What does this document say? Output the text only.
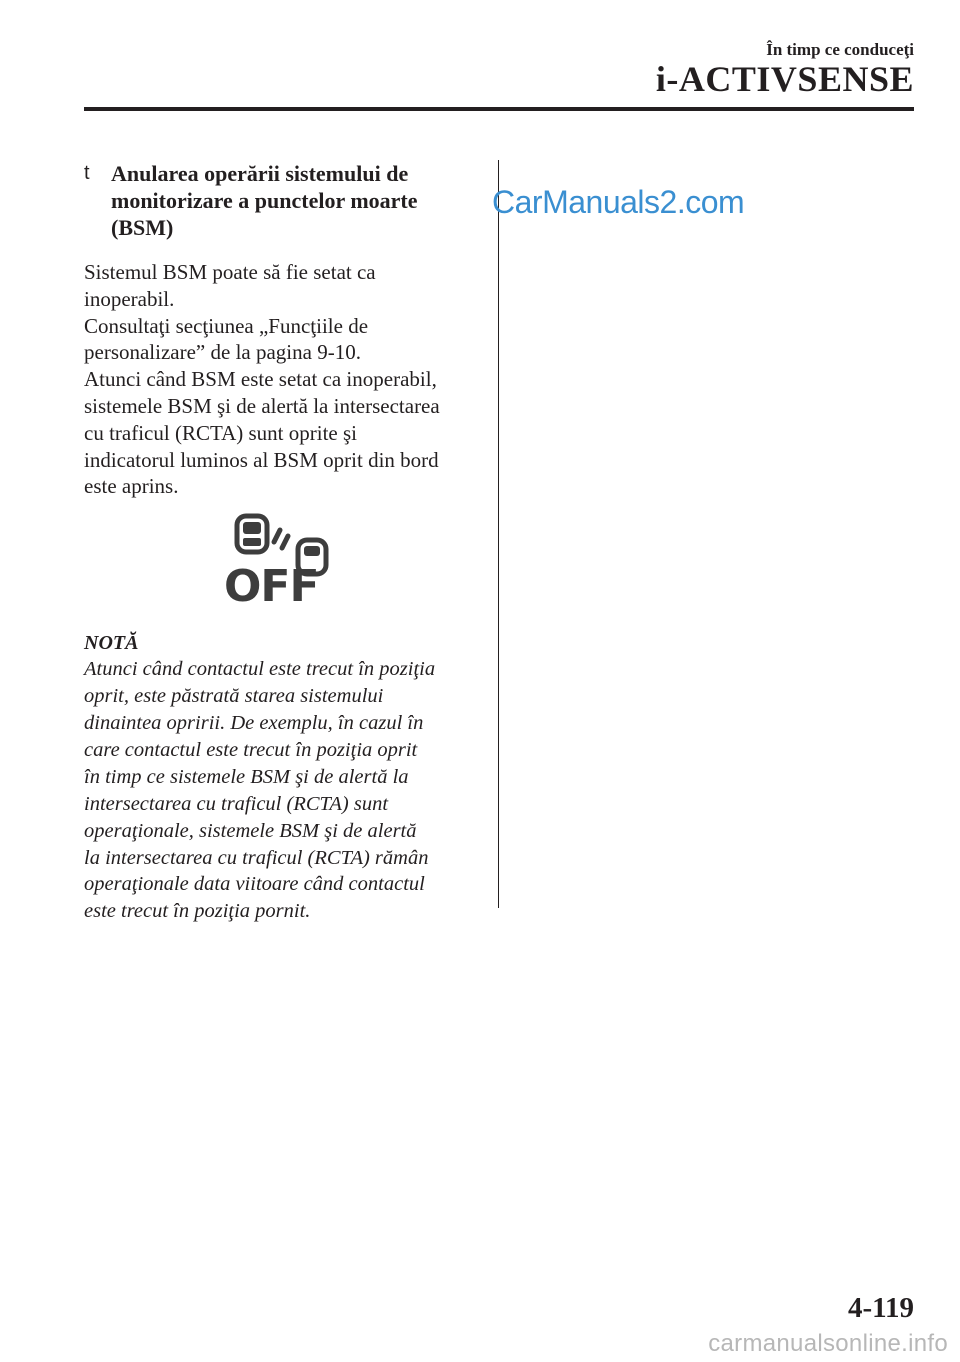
În timp ce conduceţi
i-ACTIVSENSE
t Anularea operării sistemului de
monitorizare a punctelor moarte
(BSM)

Sistemul BSM poate să fie setat ca

inoperabil.

Consultaţi secţiunea „Funcţiile de

personalizare” de la pagina 9-10.

Atunci când BSM este setat ca inoperabil,

sistemele BSM şi de alertă la intersectarea

cu traficul (RCTA) sunt oprite şi

indicatorul luminos al BSM oprit din bord

este aprins.

OFF
NOTĂ
Atunci când contactul este trecut în poziţia
oprit, este păstrată starea sistemului
dinaintea opririi. De exemplu, în cazul în
care contactul este trecut în poziţia oprit
în timp ce sistemele BSM şi de alertă la
intersectarea cu traficul (RCTA) sunt
operaţionale, sistemele BSM şi de alertă
la intersectarea cu traficul (RCTA) rămân
operaţionale data viitoare când contactul
este trecut în poziţia pornit.
CarManuals2.com
4-119
carmanualsonline.info
